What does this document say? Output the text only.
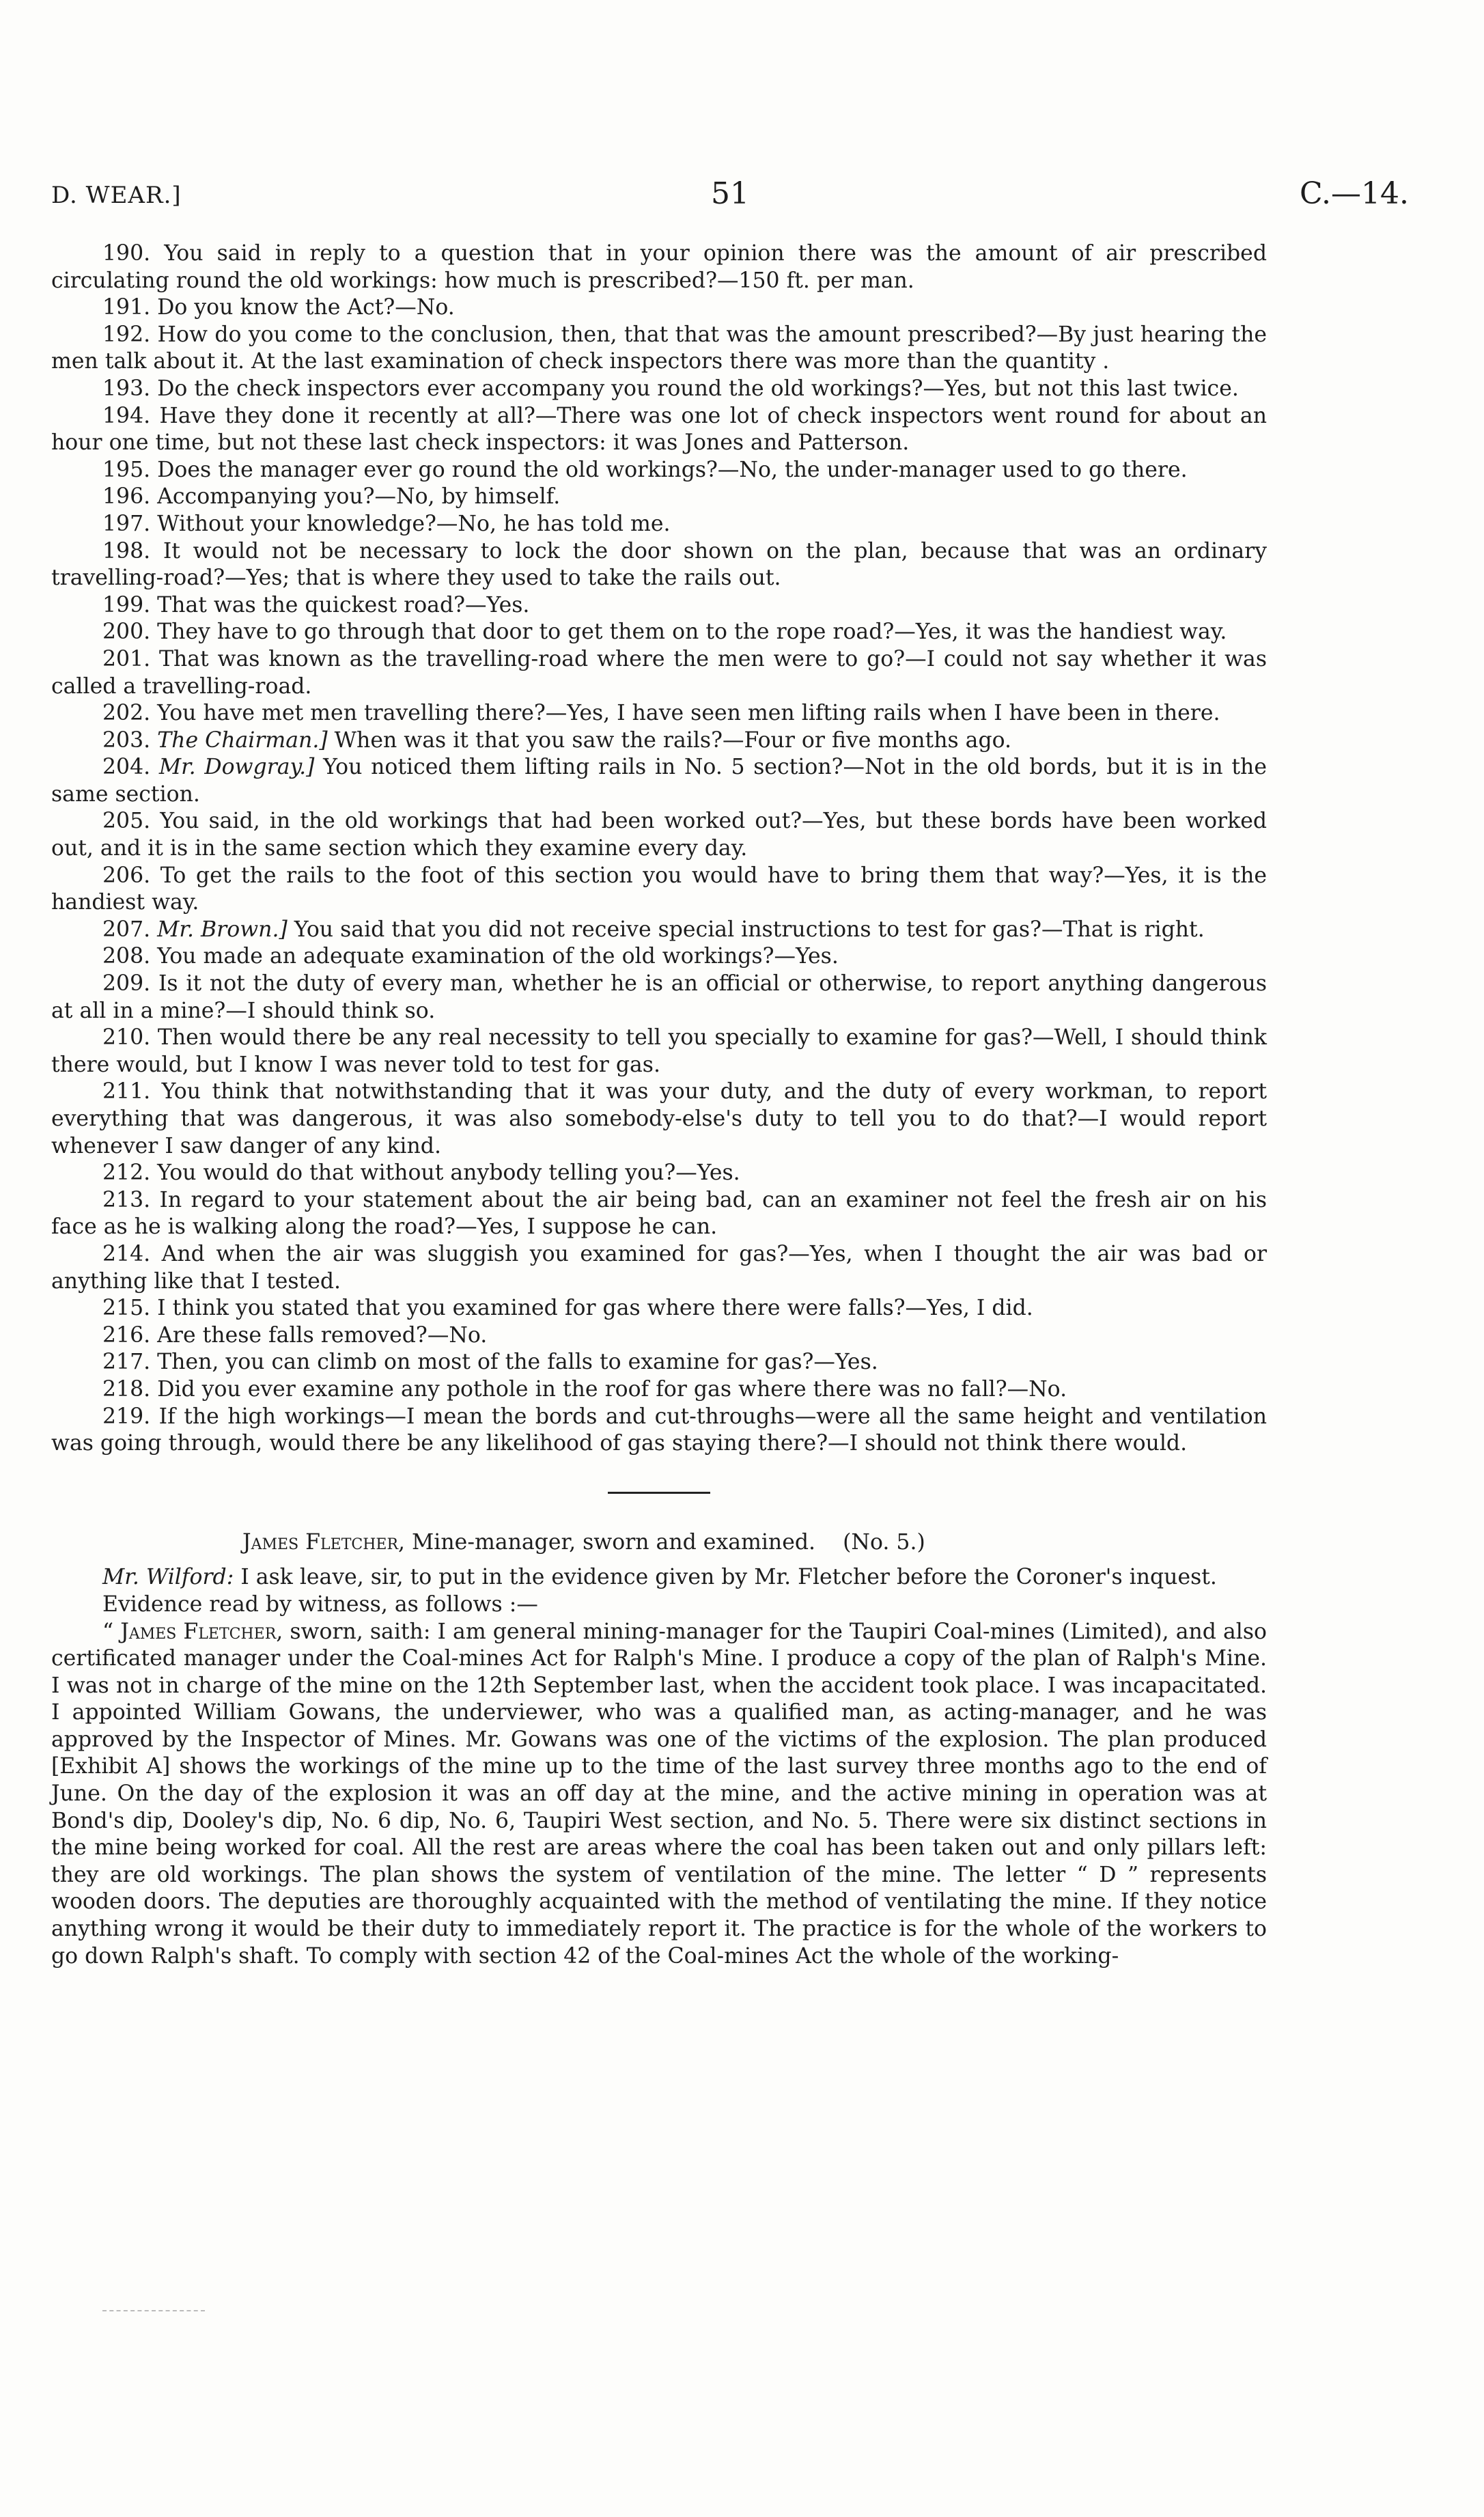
D. WEAR.]	51	C.—14.

190. You said in reply to a question that in your opinion there was the amount of air prescribed circulating round the old workings: how much is prescribed?—150 ft. per man.

191. Do you know the Act?—No.

192. How do you come to the conclusion, then, that that was the amount prescribed?—By just hearing the men talk about it. At the last examination of check inspectors there was more than the quantity .

193. Do the check inspectors ever accompany you round the old workings?—Yes, but not this last twice.

194. Have they done it recently at all?—There was one lot of check inspectors went round for about an hour one time, but not these last check inspectors: it was Jones and Patterson.

195. Does the manager ever go round the old workings?—No, the under-manager used to go there.

196. Accompanying you?—No, by himself.

197. Without your knowledge?—No, he has told me.

198. It would not be necessary to lock the door shown on the plan, because that was an ordinary travelling-road?—Yes; that is where they used to take the rails out.

199. That was the quickest road?—Yes.

200. They have to go through that door to get them on to the rope road?—Yes, it was the handiest way.

201. That was known as the travelling-road where the men were to go?—I could not say whether it was called a travelling-road.

202. You have met men travelling there?—Yes, I have seen men lifting rails when I have been in there.

203. The Chairman.] When was it that you saw the rails?—Four or five months ago.

204. Mr. Dowgray.] You noticed them lifting rails in No. 5 section?—Not in the old bords, but it is in the same section.

205. You said, in the old workings that had been worked out?—Yes, but these bords have been worked out, and it is in the same section which they examine every day.

206. To get the rails to the foot of this section you would have to bring them that way?—Yes, it is the handiest way.

207. Mr. Brown.] You said that you did not receive special instructions to test for gas?—That is right.

208. You made an adequate examination of the old workings?—Yes.

209. Is it not the duty of every man, whether he is an official or otherwise, to report anything dangerous at all in a mine?—I should think so.

210. Then would there be any real necessity to tell you specially to examine for gas?—Well, I should think there would, but I know I was never told to test for gas.

211. You think that notwithstanding that it was your duty, and the duty of every workman, to report everything that was dangerous, it was also somebody-else's duty to tell you to do that?—I would report whenever I saw danger of any kind.

212. You would do that without anybody telling you?—Yes.

213. In regard to your statement about the air being bad, can an examiner not feel the fresh air on his face as he is walking along the road?—Yes, I suppose he can.

214. And when the air was sluggish you examined for gas?—Yes, when I thought the air was bad or anything like that I tested.

215. I think you stated that you examined for gas where there were falls?—Yes, I did.

216. Are these falls removed?—No.

217. Then, you can climb on most of the falls to examine for gas?—Yes.

218. Did you ever examine any pothole in the roof for gas where there was no fall?—No.

219. If the high workings—I mean the bords and cut-throughs—were all the same height and ventilation was going through, would there be any likelihood of gas staying there?—I should not think there would.

James Fletcher, Mine-manager, sworn and examined. (No. 5.)

Mr. Wilford: I ask leave, sir, to put in the evidence given by Mr. Fletcher before the Coroner's inquest.

Evidence read by witness, as follows :—

“ James Fletcher, sworn, saith: I am general mining-manager for the Taupiri Coal-mines (Limited), and also certificated manager under the Coal-mines Act for Ralph's Mine. I produce a copy of the plan of Ralph's Mine. I was not in charge of the mine on the 12th September last, when the accident took place. I was incapacitated. I appointed William Gowans, the underviewer, who was a qualified man, as acting-manager, and he was approved by the Inspector of Mines. Mr. Gowans was one of the victims of the explosion. The plan produced [Exhibit A] shows the workings of the mine up to the time of the last survey three months ago to the end of June. On the day of the explosion it was an off day at the mine, and the active mining in operation was at Bond's dip, Dooley's dip, No. 6 dip, No. 6, Taupiri West section, and No. 5. There were six distinct sections in the mine being worked for coal. All the rest are areas where the coal has been taken out and only pillars left: they are old workings. The plan shows the system of ventilation of the mine. The letter “ D ” represents wooden doors. The deputies are thoroughly acquainted with the method of ventilating the mine. If they notice anything wrong it would be their duty to immediately report it. The practice is for the whole of the workers to go down Ralph's shaft. To comply with section 42 of the Coal-mines Act the whole of the working-
